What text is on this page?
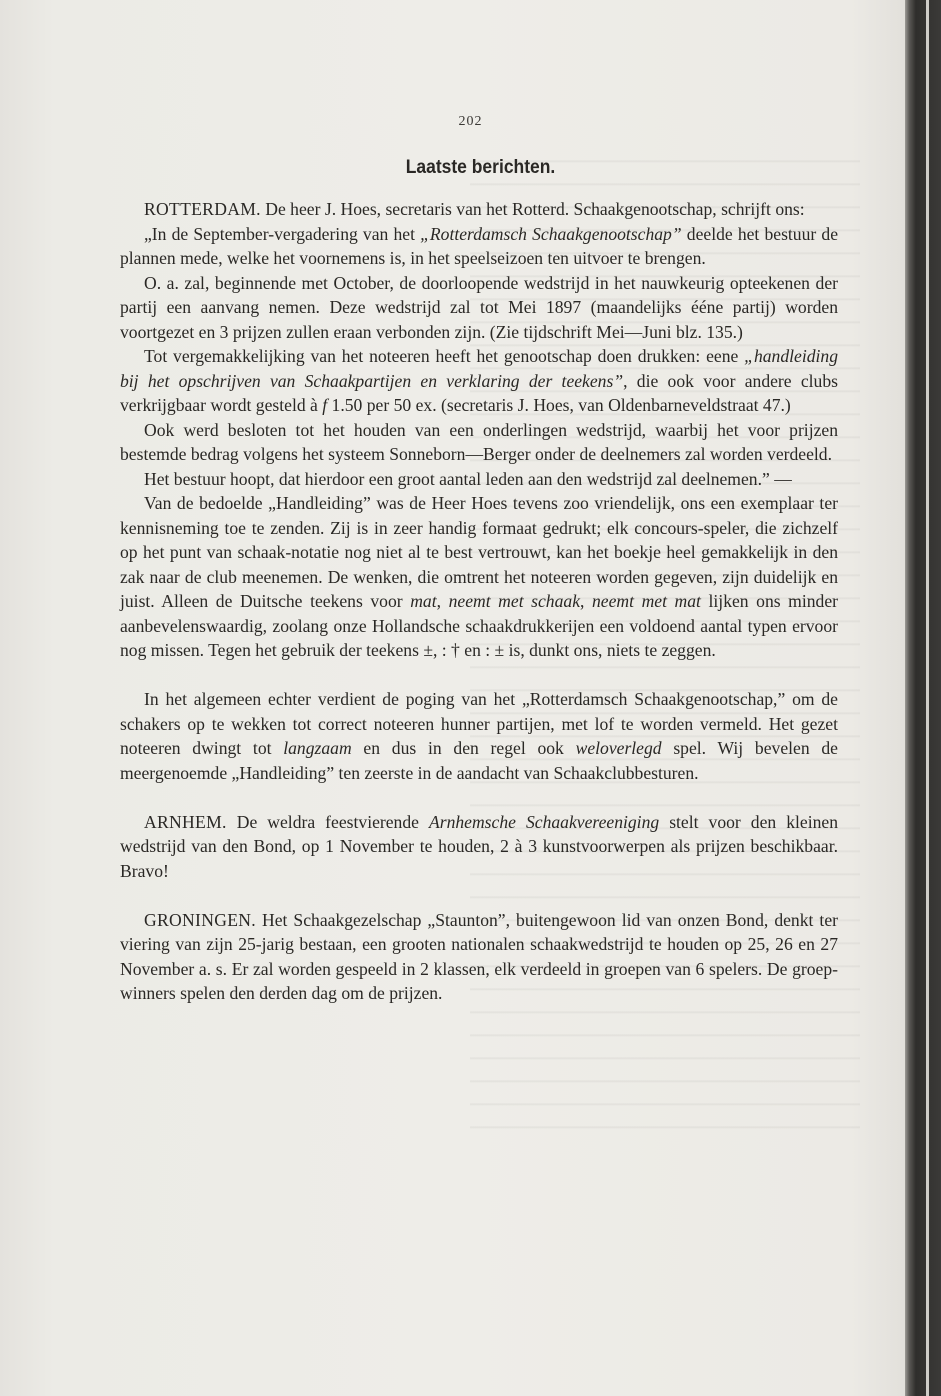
202
Laatste berichten.

ROTTERDAM. De heer J. Hoes, secretaris van het Rotterd. Schaakgenootschap, schrijft ons:

„In de September-vergadering van het „Rotterdamsch Schaakgenootschap” deelde het bestuur de plannen mede, welke het voornemens is, in het speelseizoen ten uitvoer te brengen.

O. a. zal, beginnende met October, de doorloopende wedstrijd in het nauwkeurig opteekenen der partij een aanvang nemen. Deze wedstrijd zal tot Mei 1897 (maandelijks ééne partij) worden voortgezet en 3 prijzen zullen eraan verbonden zijn. (Zie tijdschrift Mei—Juni blz. 135.)

Tot vergemakkelijking van het noteeren heeft het genootschap doen drukken: eene „handleiding bij het opschrijven van Schaakpartijen en verklaring der teekens”, die ook voor andere clubs verkrijgbaar wordt gesteld à f 1.50 per 50 ex. (secretaris J. Hoes, van Oldenbarneveldstraat 47.)

Ook werd besloten tot het houden van een onderlingen wedstrijd, waarbij het voor prijzen bestemde bedrag volgens het systeem Sonneborn—Berger onder de deelnemers zal worden verdeeld.

Het bestuur hoopt, dat hierdoor een groot aantal leden aan den wedstrijd zal deelnemen.” —

Van de bedoelde „Handleiding” was de Heer Hoes tevens zoo vriendelijk, ons een exemplaar ter kennisneming toe te zenden. Zij is in zeer handig formaat gedrukt; elk concours-speler, die zichzelf op het punt van schaak-notatie nog niet al te best vertrouwt, kan het boekje heel gemakkelijk in den zak naar de club meenemen. De wenken, die omtrent het noteeren worden gegeven, zijn duidelijk en juist. Alleen de Duitsche teekens voor mat, neemt met schaak, neemt met mat lijken ons minder aanbevelenswaardig, zoolang onze Hollandsche schaakdrukkerijen een voldoend aantal typen ervoor nog missen. Tegen het gebruik der teekens ±, : † en : ± is, dunkt ons, niets te zeggen.

In het algemeen echter verdient de poging van het „Rotterdamsch Schaakgenootschap,” om de schakers op te wekken tot correct noteeren hunner partijen, met lof te worden vermeld. Het gezet noteeren dwingt tot langzaam en dus in den regel ook weloverlegd spel. Wij bevelen de meergenoemde „Handleiding” ten zeerste in de aandacht van Schaakclubbesturen.

ARNHEM. De weldra feestvierende Arnhemsche Schaakvereeniging stelt voor den kleinen wedstrijd van den Bond, op 1 November te houden, 2 à 3 kunstvoorwerpen als prijzen beschikbaar. Bravo!

GRONINGEN. Het Schaakgezelschap „Staunton”, buitengewoon lid van onzen Bond, denkt ter viering van zijn 25-jarig bestaan, een grooten nationalen schaakwedstrijd te houden op 25, 26 en 27 November a. s. Er zal worden gespeeld in 2 klassen, elk verdeeld in groepen van 6 spelers. De groep-winners spelen den derden dag om de prijzen.
